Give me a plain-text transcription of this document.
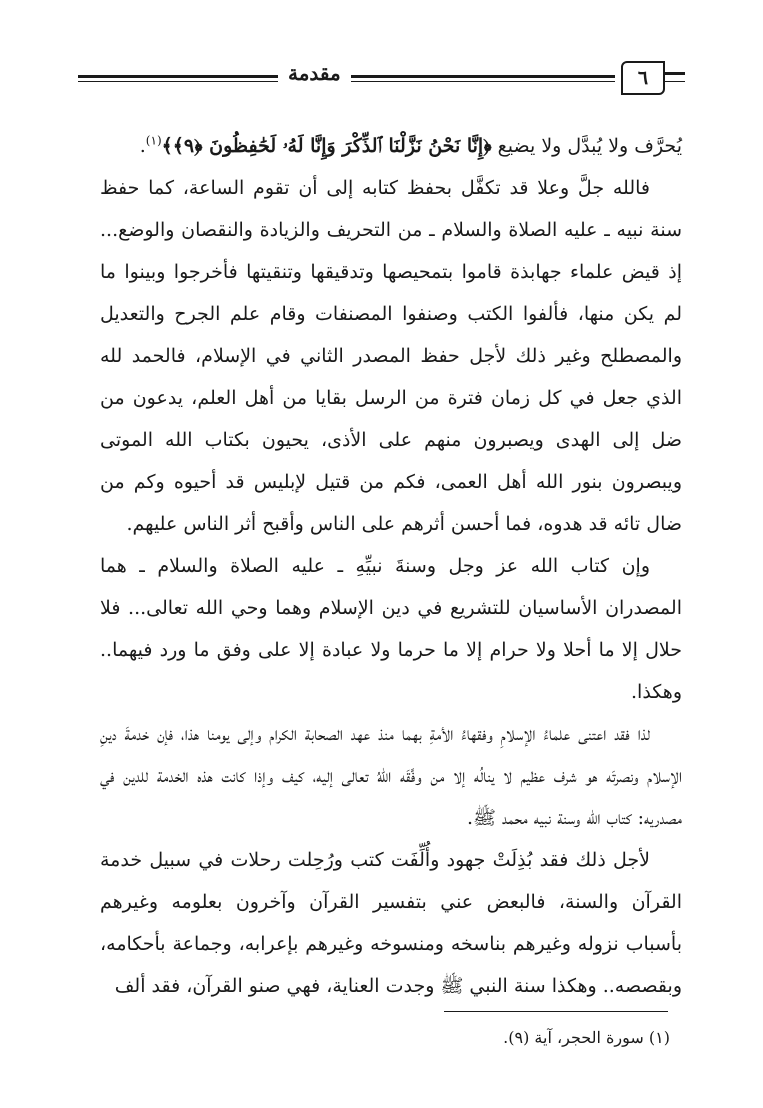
مقدمة	٦

يُحرَّف ولا يُبدَّل ولا يضيع ﴿إِنَّا نَحْنُ نَزَّلْنَا ٱلذِّكْرَ وَإِنَّا لَهُۥ لَحَٰفِظُونَ ﴿٩﴾﴾$^{(١)}$.

فالله جلَّ وعلا قد تكفَّل بحفظ كتابه إلى أن تقوم الساعة، كما حفظ سنة نبيه ـ عليه الصلاة والسلام ـ من التحريف والزيادة والنقصان والوضع... إذ قيض علماء جهابذة قاموا بتمحيصها وتدقيقها وتنقيتها فأخرجوا وبينوا ما لم يكن منها، فألفوا الكتب وصنفوا المصنفات وقام علم الجرح والتعديل والمصطلح وغير ذلك لأجل حفظ المصدر الثاني في الإسلام، فالحمد لله الذي جعل في كل زمان فترة من الرسل بقايا من أهل العلم، يدعون من ضل إلى الهدى ويصبرون منهم على الأذى، يحيون بكتاب الله الموتى ويبصرون بنور الله أهل العمى، فكم من قتيل لإبليس قد أحيوه وكم من ضال تائه قد هدوه، فما أحسن أثرهم على الناس وأقبح أثر الناس عليهم.

وإن كتاب الله عز وجل وسنةَ نبيِّهِ ـ عليه الصلاة والسلام ـ هما المصدران الأساسيان للتشريع في دين الإسلام وهما وحي الله تعالى... فلا حلال إلا ما أحلا ولا حرام إلا ما حرما ولا عبادة إلا على وفق ما ورد فيهما.. وهكذا.

لذا فقد اعتنى علماءُ الإسلامِ وفقهاءُ الأمةِ بهما منذ عهد الصحابة الكرام وإلى يومنا هذا، فإن خدمةَ دينِ الإسلام ونصرتَه هو شرف عظيم لا ينالُه إلا من وفَّقَه اللهُ تعالى إليه، كيف وإذا كانت هذه الخدمة للدين في مصدريه: كتاب الله وسنة نبيه محمد ﷺ.

لأجل ذلك فقد بُذِلَتْ جهود وأُلِّفَت كتب ورُحِلت رحلات في سبيل خدمة القرآن والسنة، فالبعض عني بتفسير القرآن وآخرون بعلومه وغيرهم بأسباب نزوله وغيرهم بناسخه ومنسوخه وغيرهم بإعرابه، وجماعة بأحكامه، وبقصصه.. وهكذا سنة النبي ﷺ وجدت العناية، فهي صنو القرآن، فقد ألف

(١) سورة الحجر، آية (٩).
